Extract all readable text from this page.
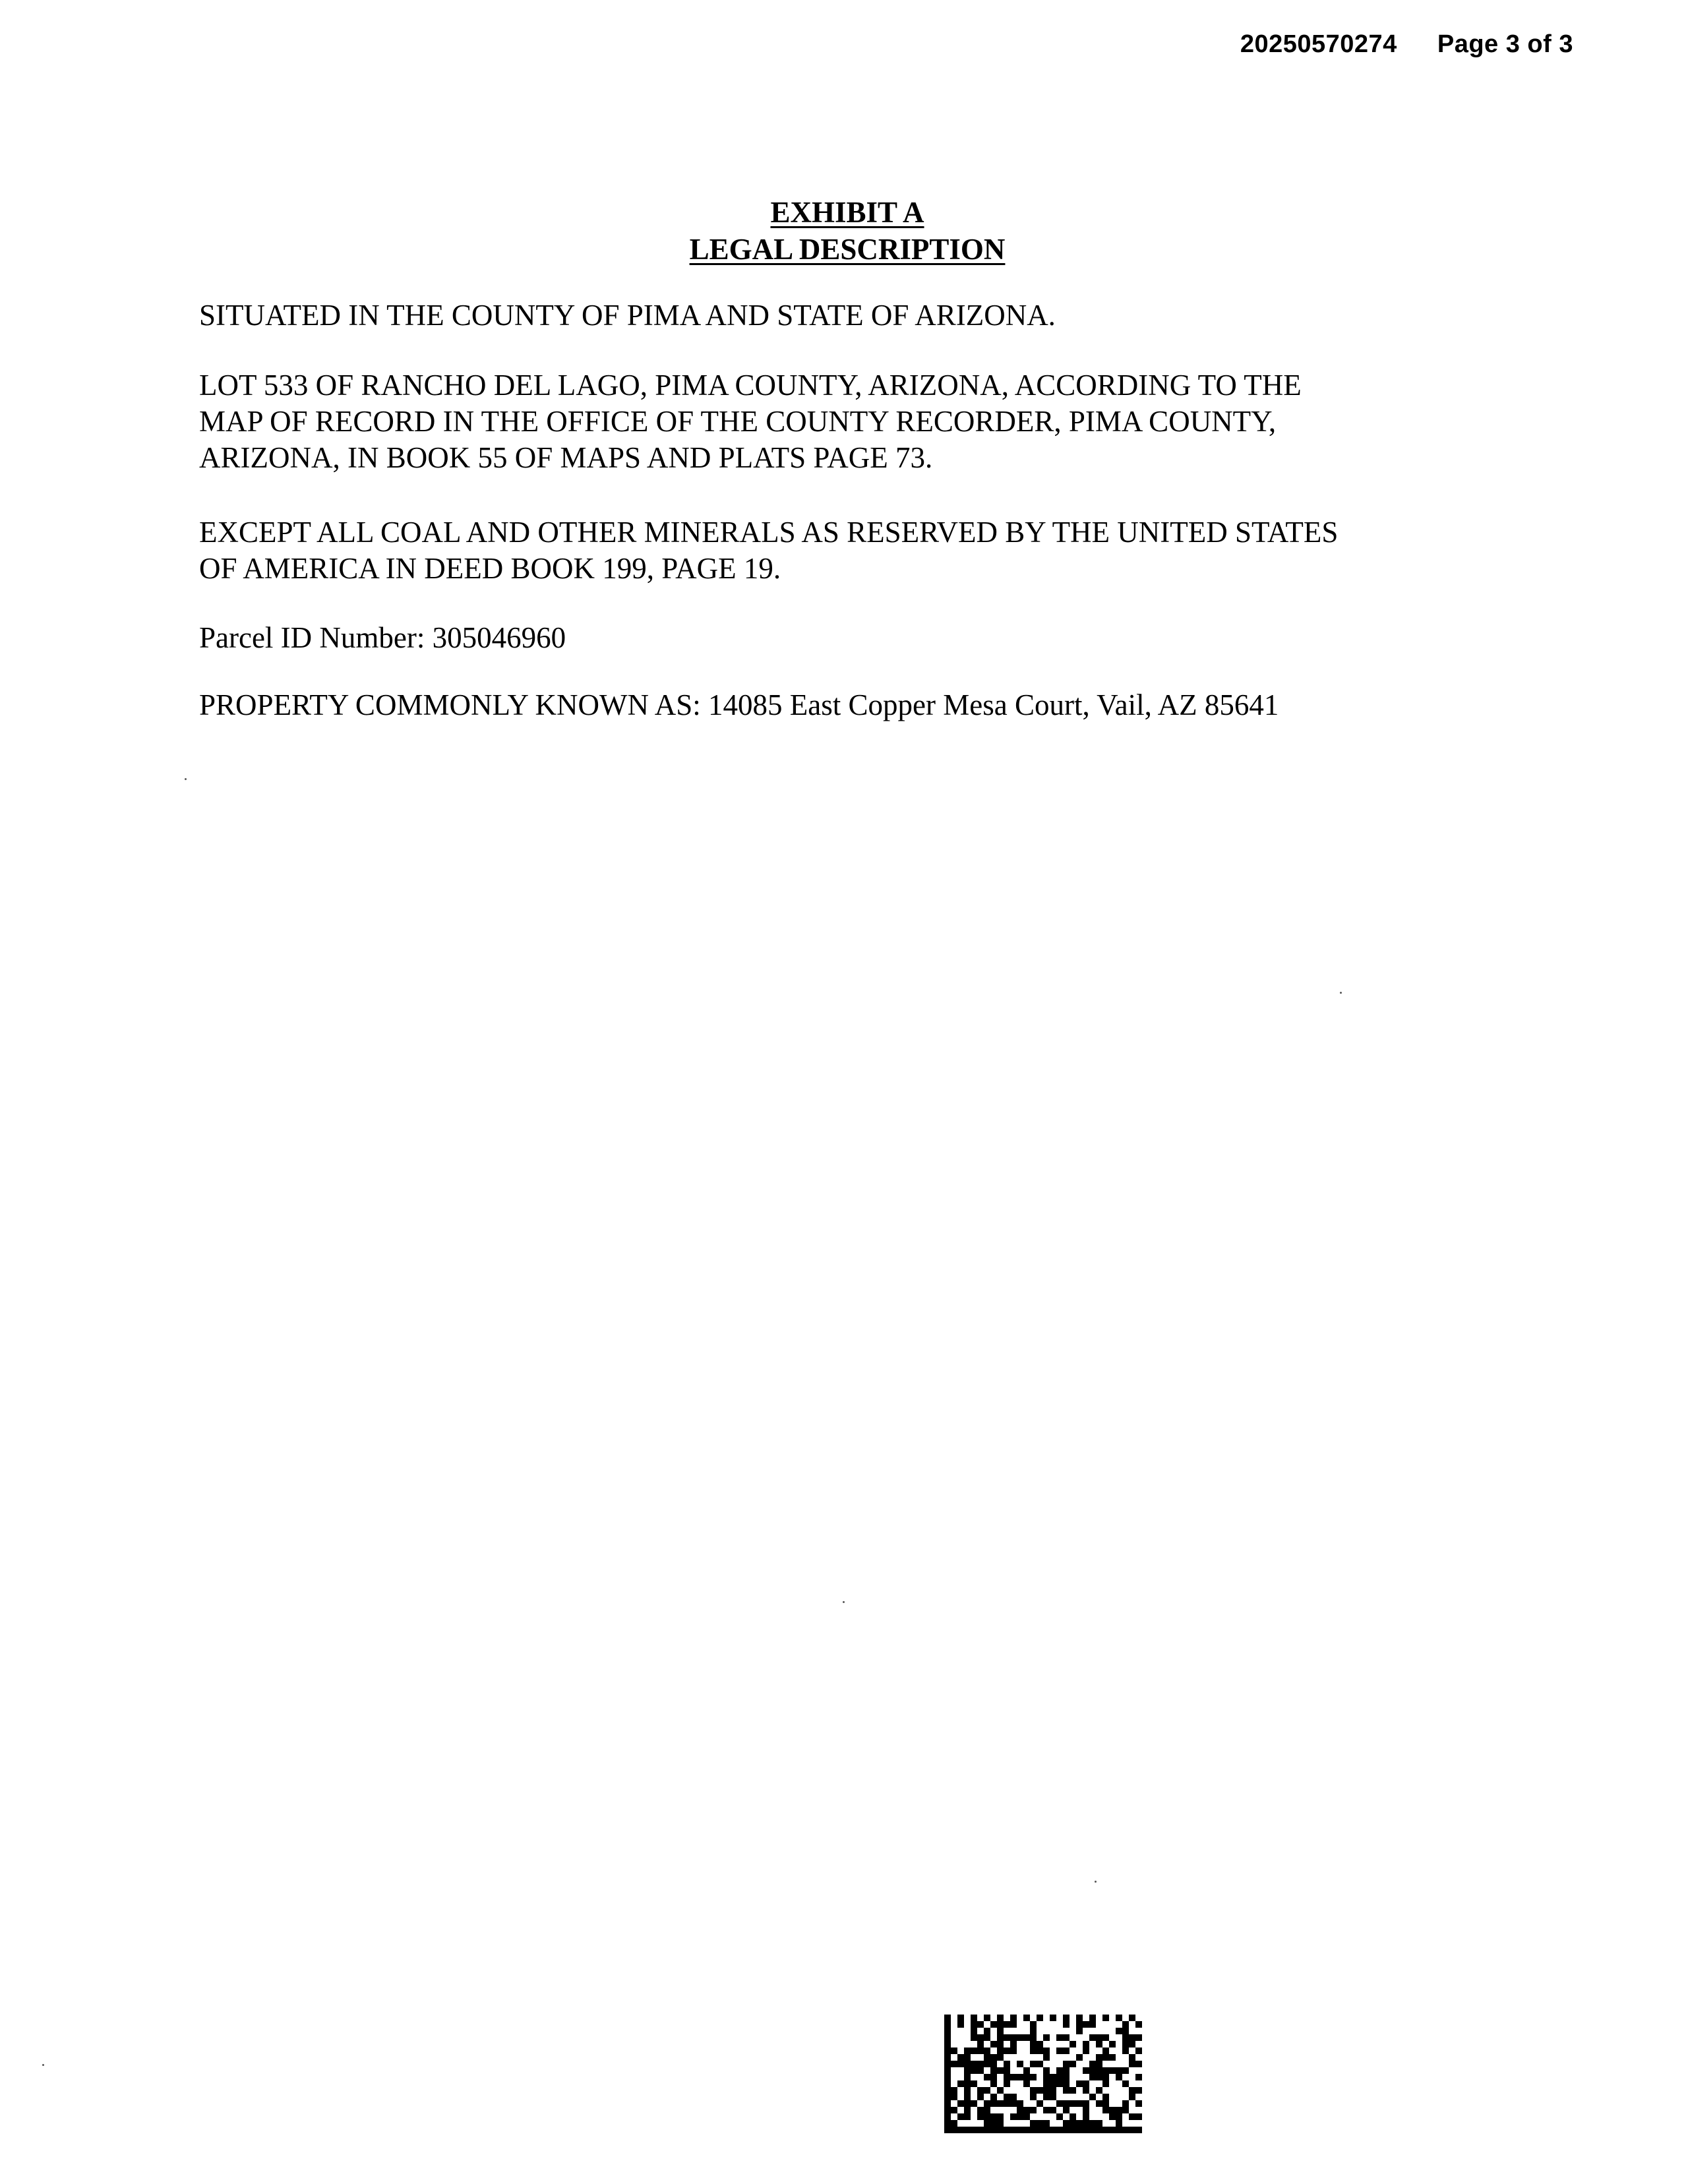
20250570274 Page 3 of 3
EXHIBIT A
LEGAL DESCRIPTION
SITUATED IN THE COUNTY OF PIMA AND STATE OF ARIZONA.
LOT 533 OF RANCHO DEL LAGO, PIMA COUNTY, ARIZONA, ACCORDING TO THE
MAP OF RECORD IN THE OFFICE OF THE COUNTY RECORDER, PIMA COUNTY,
ARIZONA, IN BOOK 55 OF MAPS AND PLATS PAGE 73.
EXCEPT ALL COAL AND OTHER MINERALS AS RESERVED BY THE UNITED STATES
OF AMERICA IN DEED BOOK 199, PAGE 19.
Parcel ID Number: 305046960
PROPERTY COMMONLY KNOWN AS: 14085 East Copper Mesa Court, Vail, AZ 85641
